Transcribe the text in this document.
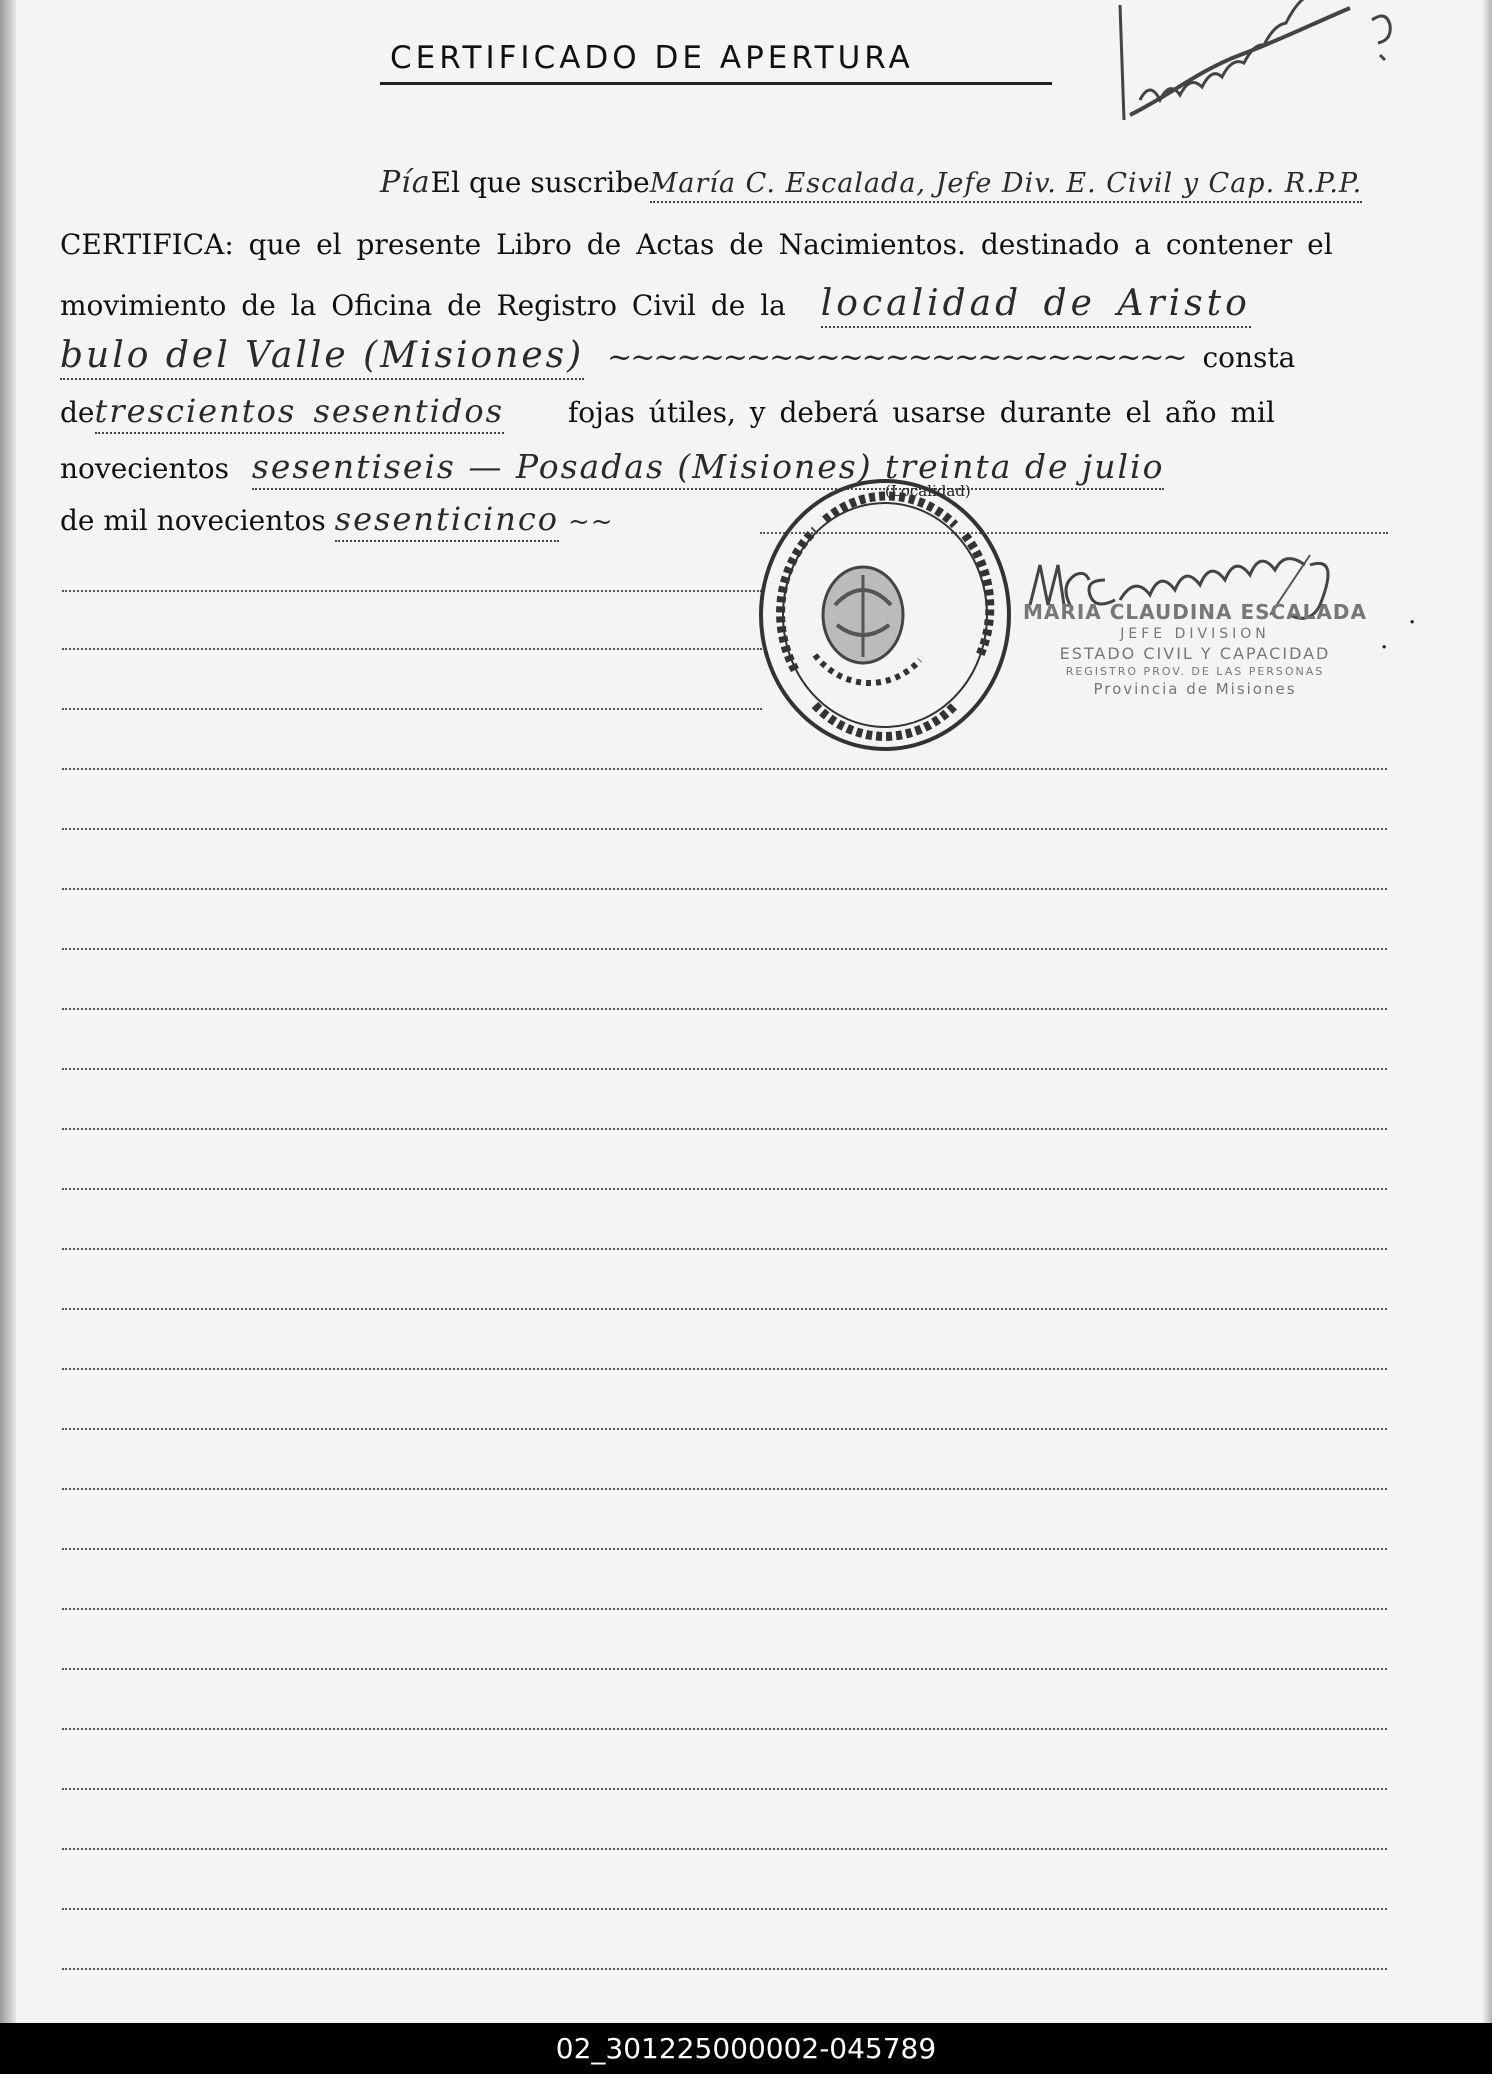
CERTIFICADO DE APERTURA
PíaEl que suscribeMaría C. Escalada, Jefe Div. E. Civil y Cap. R.P.P.
CERTIFICA: que el presente Libro de Actas de Nacimientos. destinado a contener el
movimiento de la Oficina de Registro Civil de la localidad de Aristo
bulo del Valle (Misiones) ~~~~~~~~~~~~~~~~~~~~~~~~~ consta
detrescientos sesentidos fojas útiles, y deberá usarse durante el año mil
novecientos sesentiseis — Posadas (Misiones) treinta de julio
de mil novecientos sesenticinco ~~
(Localidad)
MARIA CLAUDINA ESCALADA
JEFE DIVISION
ESTADO CIVIL Y CAPACIDAD
REGISTRO PROV. DE LAS PERSONAS
Provincia de Misiones
.
.
02_301225000002-045789
